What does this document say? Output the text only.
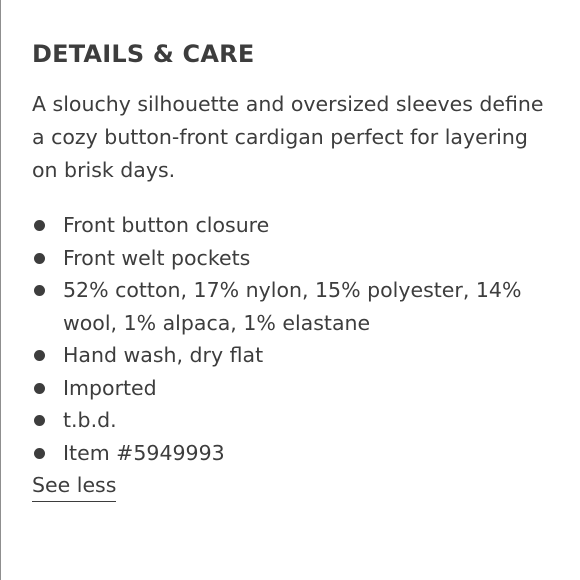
DETAILS & CARE

A slouchy silhouette and oversized sleeves define a cozy button-front cardigan perfect for layering on brisk days.

Front button closure
Front welt pockets
52% cotton, 17% nylon, 15% polyester, 14% wool, 1% alpaca, 1% elastane
Hand wash, dry flat
Imported
t.b.d.
Item #5949993
See less
